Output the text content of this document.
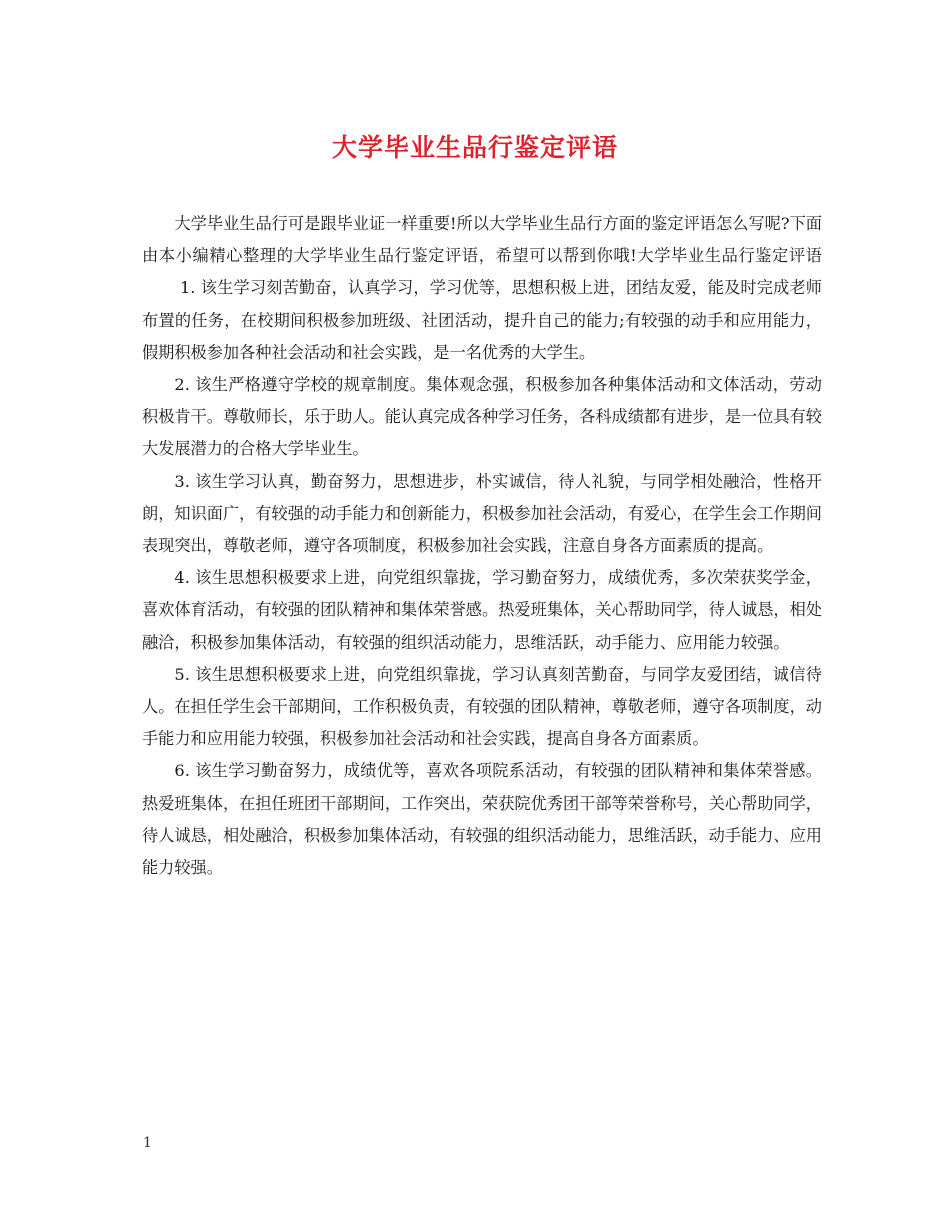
大学毕业生品行鉴定评语

大学毕业生品行可是跟毕业证一样重要!所以大学毕业生品行方面的鉴定评语怎么写呢?下面由本小编精心整理的大学毕业生品行鉴定评语，希望可以帮到你哦!大学毕业生品行鉴定评语1. 该生学习刻苦勤奋，认真学习，学习优等，思想积极上进，团结友爱，能及时完成老师布置的任务，在校期间积极参加班级、社团活动，提升自己的能力;有较强的动手和应用能力，假期积极参加各种社会活动和社会实践，是一名优秀的大学生。

2. 该生严格遵守学校的规章制度。集体观念强，积极参加各种集体活动和文体活动，劳动积极肯干。尊敬师长，乐于助人。能认真完成各种学习任务，各科成绩都有进步，是一位具有较大发展潜力的合格大学毕业生。

3. 该生学习认真，勤奋努力，思想进步，朴实诚信，待人礼貌，与同学相处融洽，性格开朗，知识面广，有较强的动手能力和创新能力，积极参加社会活动，有爱心，在学生会工作期间表现突出，尊敬老师，遵守各项制度，积极参加社会实践，注意自身各方面素质的提高。

4. 该生思想积极要求上进，向党组织靠拢，学习勤奋努力，成绩优秀，多次荣获奖学金，喜欢体育活动，有较强的团队精神和集体荣誉感。热爱班集体，关心帮助同学，待人诚恳，相处融洽，积极参加集体活动，有较强的组织活动能力，思维活跃，动手能力、应用能力较强。

5. 该生思想积极要求上进，向党组织靠拢，学习认真刻苦勤奋，与同学友爱团结，诚信待人。在担任学生会干部期间，工作积极负责，有较强的团队精神，尊敬老师，遵守各项制度，动手能力和应用能力较强，积极参加社会活动和社会实践，提高自身各方面素质。

6. 该生学习勤奋努力，成绩优等，喜欢各项院系活动，有较强的团队精神和集体荣誉感。热爱班集体，在担任班团干部期间，工作突出，荣获院优秀团干部等荣誉称号，关心帮助同学，待人诚恳，相处融洽，积极参加集体活动，有较强的组织活动能力，思维活跃，动手能力、应用能力较强。

1
